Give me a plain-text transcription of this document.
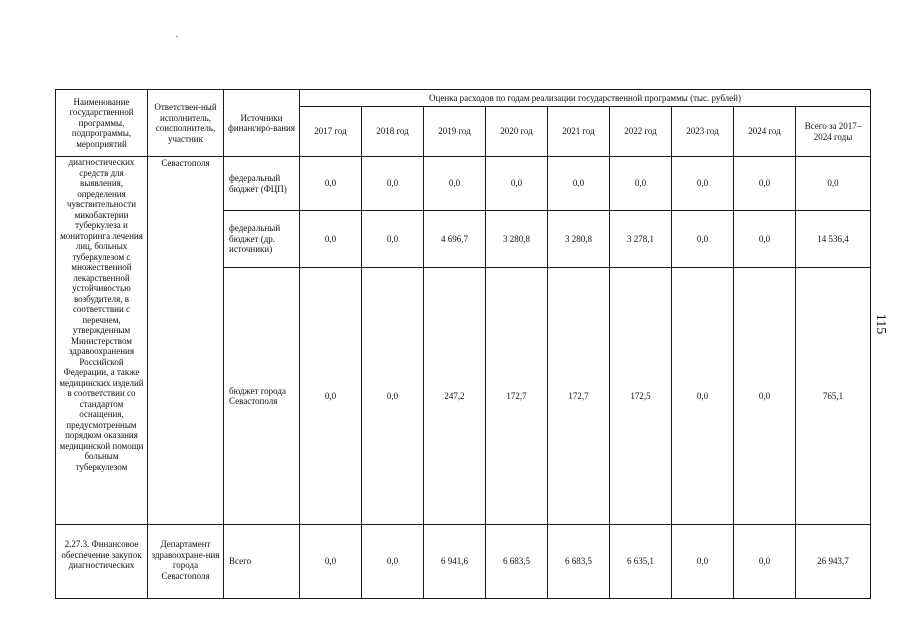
Наименование государственной программы, подпрограммы, мероприятий	Ответствен-ный исполнитель, соисполнитель, участник	Источники финансиро-вания	Оценка расходов по годам реализации государственной программы (тыс. рублей)								
			2017 год	2018 год	2019 год	2020 год	2021 год	2022 год	2023 год	2024 год	Всего за 2017–2024 годы
диагностических средств для выявления, определения чувствительности микобактерии туберкулеза и мониторинга лечения лиц, больных туберкулезом с множественной лекарственной устойчивостью возбудителя, в соответствии с перечнем, утвержденным Министерством здравоохранения Российской Федерации, а также медицинских изделий в соответствии со стандартом оснащения, предусмотренным порядком оказания медицинской помощи больным туберкулезом	Севастополя	федеральный бюджет (ФЦП)	0,0	0,0	0,0	0,0	0,0	0,0	0,0	0,0	0,0
		федеральный бюджет (др. источники)	0,0	0,0	4 696,7	3 280,8	3 280,8	3 278,1	0,0	0,0	14 536,4
		бюджет города Севастополя	0,0	0,0	247,2	172,7	172,7	172,5	0,0	0,0	765,1
2.27.3. Финансовое обеспечение закупок диагностических	Департамент здравоохране-ния города Севастополя	Всего	0,0	0,0	6 941,6	6 683,5	6 683,5	6 635,1	0,0	0,0	26 943,7
115
